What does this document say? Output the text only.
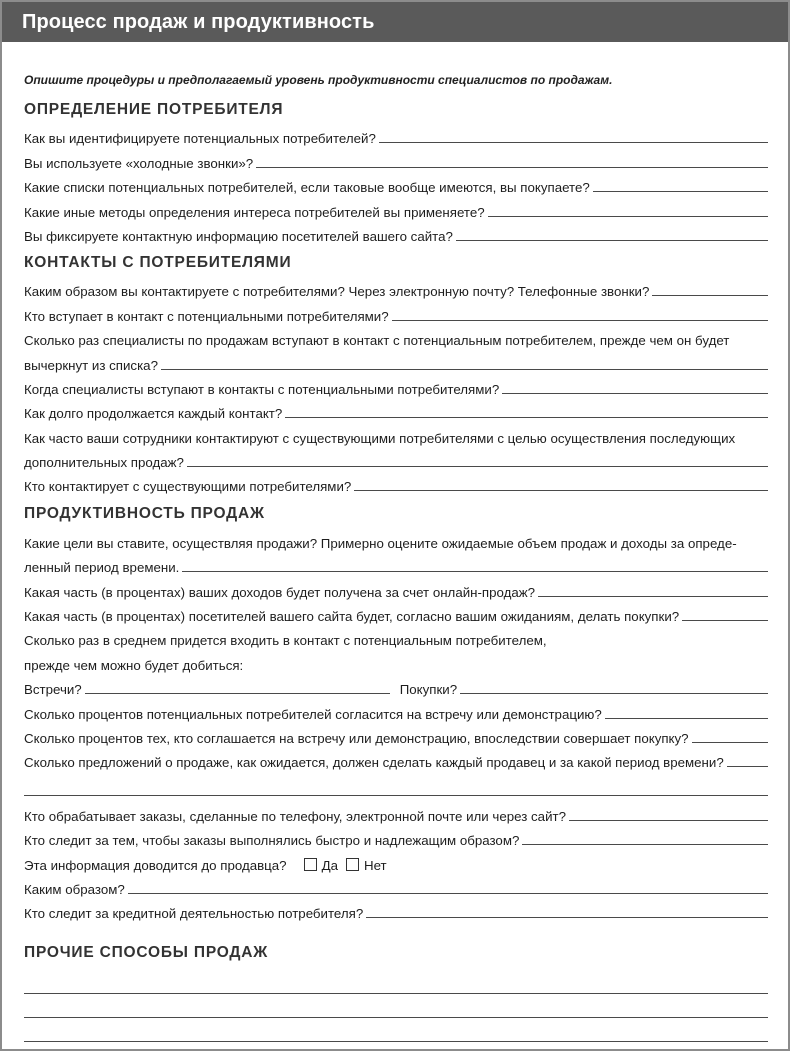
Процесс продаж и продуктивность
Опишите процедуры и предполагаемый уровень продуктивности специалистов по продажам.
ОПРЕДЕЛЕНИЕ ПОТРЕБИТЕЛЯ
Как вы идентифицируете потенциальных потребителей?
Вы используете «холодные звонки»?
Какие списки потенциальных потребителей, если таковые вообще имеются, вы покупаете?
Какие иные методы определения интереса потребителей вы применяете?
Вы фиксируете контактную информацию посетителей вашего сайта?
КОНТАКТЫ С ПОТРЕБИТЕЛЯМИ
Каким образом вы контактируете с потребителями? Через электронную почту? Телефонные звонки?
Кто вступает в контакт с потенциальными потребителями?
Сколько раз специалисты по продажам вступают в контакт с потенциальным потребителем, прежде чем он будет
вычеркнут из списка?
Когда специалисты вступают в контакты с потенциальными потребителями?
Как долго продолжается каждый контакт?
Как часто ваши сотрудники контактируют с существующими потребителями с целью осуществления последующих
дополнительных продаж?
Кто контактирует с существующими потребителями?
ПРОДУКТИВНОСТЬ ПРОДАЖ
Какие цели вы ставите, осуществляя продажи? Примерно оцените ожидаемые объем продаж и доходы за опреде-
ленный период времени.
Какая часть (в процентах) ваших доходов будет получена за счет онлайн-продаж?
Какая часть (в процентах) посетителей вашего сайта будет, согласно вашим ожиданиям, делать покупки?
Сколько раз в среднем придется входить в контакт с потенциальным потребителем,
прежде чем можно будет добиться:
Встречи?	Покупки?
Сколько процентов потенциальных потребителей согласится на встречу или демонстрацию?
Сколько процентов тех, кто соглашается на встречу или демонстрацию, впоследствии совершает покупку?
Сколько предложений о продаже, как ожидается, должен сделать каждый продавец и за какой период времени?
Кто обрабатывает заказы, сделанные по телефону, электронной почте или через сайт?
Кто следит за тем, чтобы заказы выполнялись быстро и надлежащим образом?
Эта информация доводится до продавца?	Да Нет
Каким образом?
Кто следит за кредитной деятельностью потребителя?
ПРОЧИЕ СПОСОБЫ ПРОДАЖ
